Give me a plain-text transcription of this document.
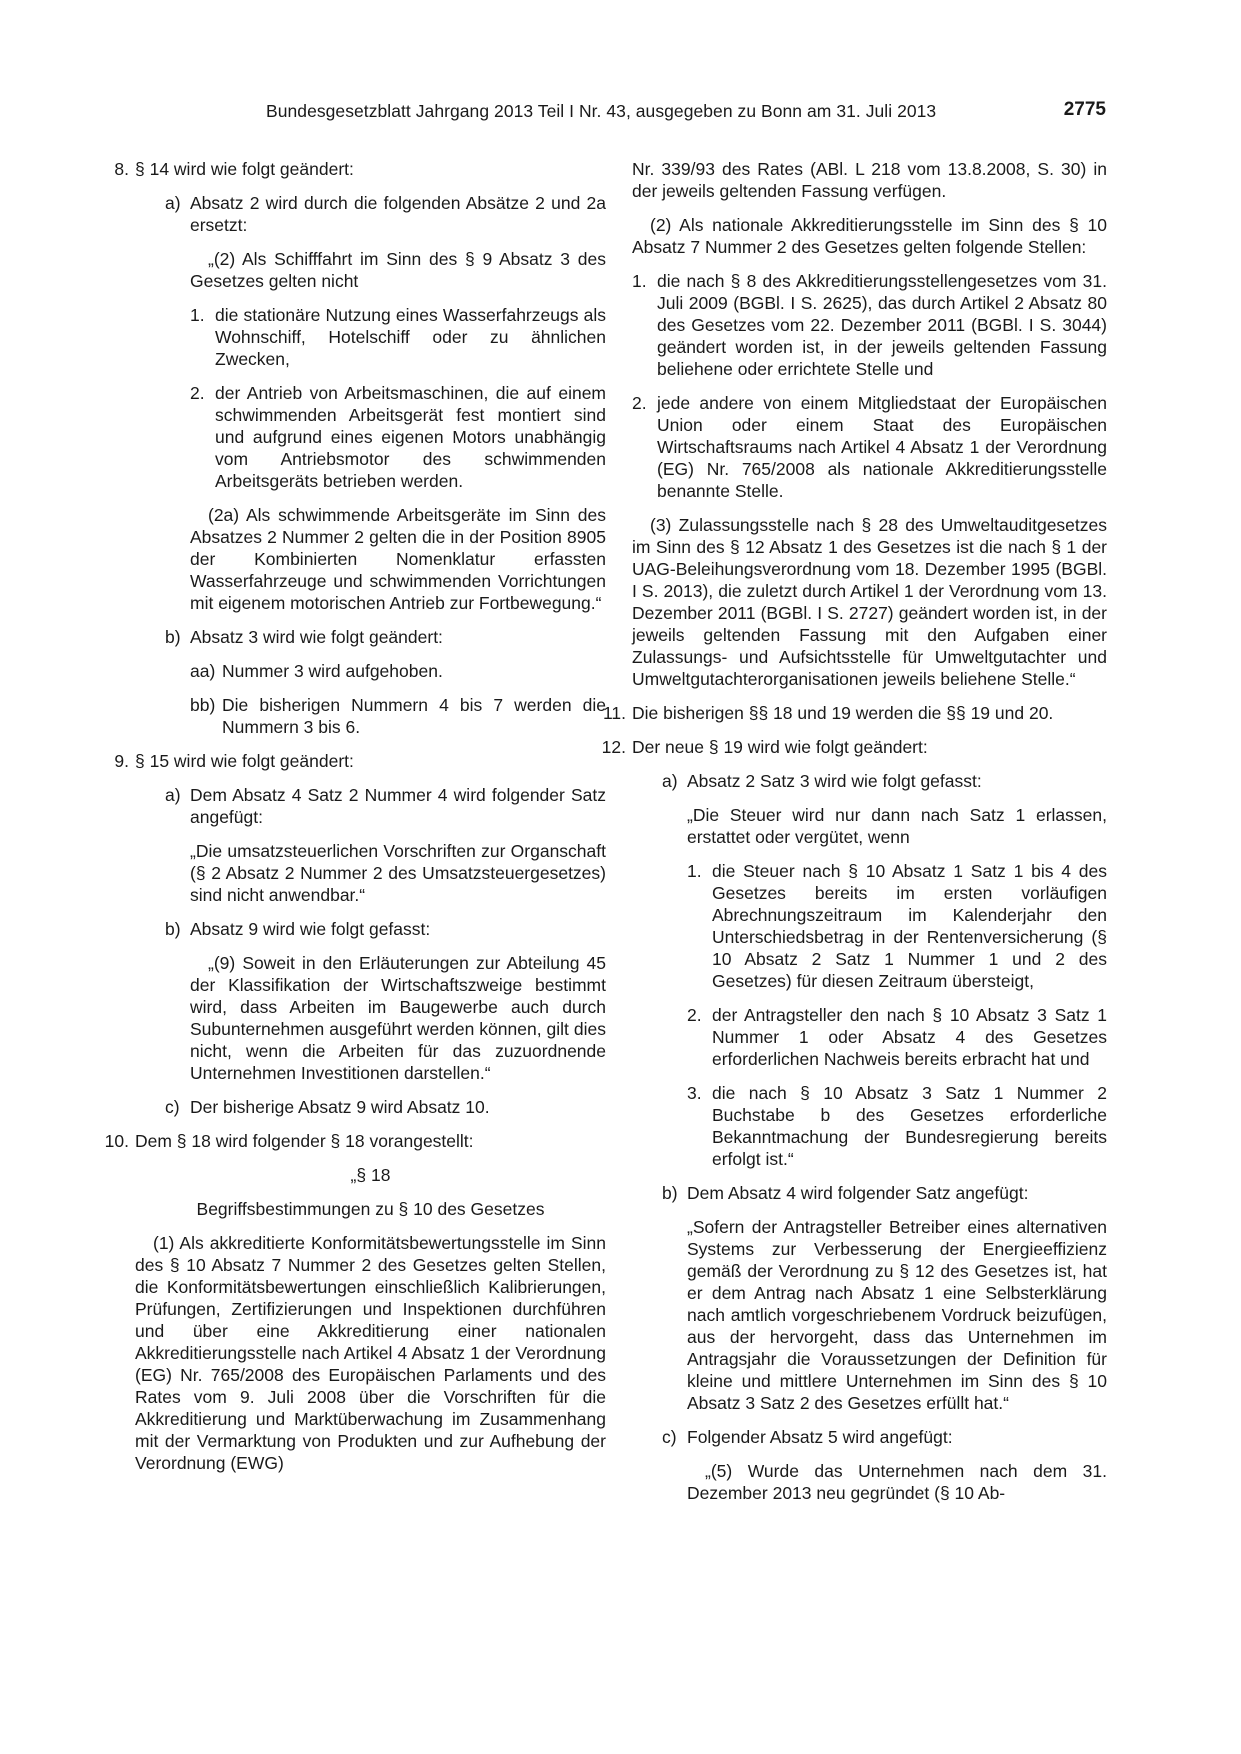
Bundesgesetzblatt Jahrgang 2013 Teil I Nr. 43, ausgegeben zu Bonn am 31. Juli 2013	2775
8. § 14 wird wie folgt geändert:
a) Absatz 2 wird durch die folgenden Absätze 2 und 2a ersetzt:
„(2) Als Schifffahrt im Sinn des § 9 Absatz 3 des Gesetzes gelten nicht
1. die stationäre Nutzung eines Wasserfahrzeugs als Wohnschiff, Hotelschiff oder zu ähnlichen Zwecken,
2. der Antrieb von Arbeitsmaschinen, die auf einem schwimmenden Arbeitsgerät fest montiert sind und aufgrund eines eigenen Motors unabhängig vom Antriebsmotor des schwimmenden Arbeitsgeräts betrieben werden.
(2a) Als schwimmende Arbeitsgeräte im Sinn des Absatzes 2 Nummer 2 gelten die in der Position 8905 der Kombinierten Nomenklatur erfassten Wasserfahrzeuge und schwimmenden Vorrichtungen mit eigenem motorischen Antrieb zur Fortbewegung.“
b) Absatz 3 wird wie folgt geändert:
aa) Nummer 3 wird aufgehoben.
bb) Die bisherigen Nummern 4 bis 7 werden die Nummern 3 bis 6.
9. § 15 wird wie folgt geändert:
a) Dem Absatz 4 Satz 2 Nummer 4 wird folgender Satz angefügt:
„Die umsatzsteuerlichen Vorschriften zur Organschaft (§ 2 Absatz 2 Nummer 2 des Umsatzsteuergesetzes) sind nicht anwendbar.“
b) Absatz 9 wird wie folgt gefasst:
„(9) Soweit in den Erläuterungen zur Abteilung 45 der Klassifikation der Wirtschaftszweige bestimmt wird, dass Arbeiten im Baugewerbe auch durch Subunternehmen ausgeführt werden können, gilt dies nicht, wenn die Arbeiten für das zuzuordnende Unternehmen Investitionen darstellen.“
c) Der bisherige Absatz 9 wird Absatz 10.
10. Dem § 18 wird folgender § 18 vorangestellt:
„§ 18
Begriffsbestimmungen zu § 10 des Gesetzes
(1) Als akkreditierte Konformitätsbewertungsstelle im Sinn des § 10 Absatz 7 Nummer 2 des Gesetzes gelten Stellen, die Konformitätsbewertungen einschließlich Kalibrierungen, Prüfungen, Zertifizierungen und Inspektionen durchführen und über eine Akkreditierung einer nationalen Akkreditierungsstelle nach Artikel 4 Absatz 1 der Verordnung (EG) Nr. 765/2008 des Europäischen Parlaments und des Rates vom 9. Juli 2008 über die Vorschriften für die Akkreditierung und Marktüberwachung im Zusammenhang mit der Vermarktung von Produkten und zur Aufhebung der Verordnung (EWG)
Nr. 339/93 des Rates (ABl. L 218 vom 13.8.2008, S. 30) in der jeweils geltenden Fassung verfügen.
(2) Als nationale Akkreditierungsstelle im Sinn des § 10 Absatz 7 Nummer 2 des Gesetzes gelten folgende Stellen:
1. die nach § 8 des Akkreditierungsstellengesetzes vom 31. Juli 2009 (BGBl. I S. 2625), das durch Artikel 2 Absatz 80 des Gesetzes vom 22. Dezember 2011 (BGBl. I S. 3044) geändert worden ist, in der jeweils geltenden Fassung beliehene oder errichtete Stelle und
2. jede andere von einem Mitgliedstaat der Europäischen Union oder einem Staat des Europäischen Wirtschaftsraums nach Artikel 4 Absatz 1 der Verordnung (EG) Nr. 765/2008 als nationale Akkreditierungsstelle benannte Stelle.
(3) Zulassungsstelle nach § 28 des Umweltauditgesetzes im Sinn des § 12 Absatz 1 des Gesetzes ist die nach § 1 der UAG-Beleihungsverordnung vom 18. Dezember 1995 (BGBl. I S. 2013), die zuletzt durch Artikel 1 der Verordnung vom 13. Dezember 2011 (BGBl. I S. 2727) geändert worden ist, in der jeweils geltenden Fassung mit den Aufgaben einer Zulassungs- und Aufsichtsstelle für Umweltgutachter und Umweltgutachterorganisationen jeweils beliehene Stelle.“
11. Die bisherigen §§ 18 und 19 werden die §§ 19 und 20.
12. Der neue § 19 wird wie folgt geändert:
a) Absatz 2 Satz 3 wird wie folgt gefasst:
„Die Steuer wird nur dann nach Satz 1 erlassen, erstattet oder vergütet, wenn
1. die Steuer nach § 10 Absatz 1 Satz 1 bis 4 des Gesetzes bereits im ersten vorläufigen Abrechnungszeitraum im Kalenderjahr den Unterschiedsbetrag in der Rentenversicherung (§ 10 Absatz 2 Satz 1 Nummer 1 und 2 des Gesetzes) für diesen Zeitraum übersteigt,
2. der Antragsteller den nach § 10 Absatz 3 Satz 1 Nummer 1 oder Absatz 4 des Gesetzes erforderlichen Nachweis bereits erbracht hat und
3. die nach § 10 Absatz 3 Satz 1 Nummer 2 Buchstabe b des Gesetzes erforderliche Bekanntmachung der Bundesregierung bereits erfolgt ist.“
b) Dem Absatz 4 wird folgender Satz angefügt:
„Sofern der Antragsteller Betreiber eines alternativen Systems zur Verbesserung der Energieeffizienz gemäß der Verordnung zu § 12 des Gesetzes ist, hat er dem Antrag nach Absatz 1 eine Selbsterklärung nach amtlich vorgeschriebenem Vordruck beizufügen, aus der hervorgeht, dass das Unternehmen im Antragsjahr die Voraussetzungen der Definition für kleine und mittlere Unternehmen im Sinn des § 10 Absatz 3 Satz 2 des Gesetzes erfüllt hat.“
c) Folgender Absatz 5 wird angefügt:
„(5) Wurde das Unternehmen nach dem 31. Dezember 2013 neu gegründet (§ 10 Ab-
